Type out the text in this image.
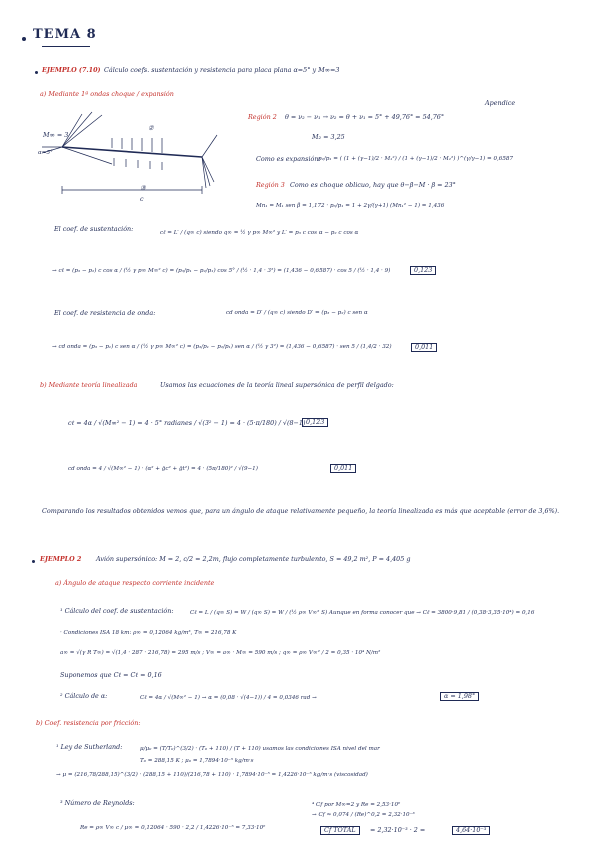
TEMA 8
EJEMPLO (7.10) Cálculo coefs. sustentación y resistencia para placa plana α=5° y M∞=3
a) Mediante 1ª ondas choque / expansión
M∞ = 3
α=5°
②
③
c
Apendice
Región 2 θ = ν₂ − ν₁ → ν₂ = θ + ν₁ = 5° + 49,76° = 54,76°
M₂ = 3,25
Como es expansión:
p₂/p₁ = ( (1 + (γ−1)/2 · M₁²) / (1 + (γ−1)/2 · M₂²) )^(γ/γ−1) = 0,6587
Región 3 Como es choque oblicuo, hay que θ−β−M · β = 23°
Mn₁ = M₁ sen β = 1,172 · p₃/p₁ = 1 + 2γ/(γ+1) (Mn₁² − 1) = 1,436
El coef. de sustentación:	cℓ = L′ / (q∞ c) siendo q∞ = ½ γ p∞ M∞² y L′ = p₃ c cos α − p₂ c cos α
→ cℓ = (p₃ − p₂) c cos α / (½ γ p∞ M∞² c) = (p₃/p₁ − p₂/p₁) cos 5° / (½ · 1,4 · 3²) = (1,436 − 0,6587) · cos 5 / (½ · 1,4 · 9)	0,123
El coef. de resistencia de onda:	cd onda = D′ / (q∞ c) siendo D′ = (p₃ − p₂) c sen α
→ cd onda = (p₃ − p₁) c sen α / (½ γ p∞ M∞² c) = (p₃/p₁ − p₂/p₁) sen α / (½ γ 3²) = (1,436 − 0,6587) · sen 5 / (1,4/2 · 32)	0,011
b) Mediante teoría linealizada	Usamos las ecuaciones de la teoría lineal supersónica de perfil delgado:
cℓ = 4α / √(M∞² − 1) = 4 · 5° radianes / √(3² − 1) = 4 · (5·π/180) / √(8−1) 0,123
cd onda = 4 / √(M∞² − 1) · (α² + ḡc² + ḡt²) = 4 · (5π/180)² / √(9−1)	0,011
Comparando los resultados obtenidos vemos que, para un ángulo de ataque relativamente pequeño, la teoría linealizada es más que aceptable (error de 3,6%).
EJEMPLO 2 Avión supersónico: M = 2, c/2 = 2,2m, flujo completamente turbulento, S = 49,2 m², P = 4,405 g
a) Ángulo de ataque respecto corriente incidente
¹ Cálculo del coef. de sustentación:	Cℓ = L / (q∞ S) = W / (q∞ S) = W / (½ ρ∞ V∞² S) Aunque en forma conocer que → Cℓ = 3800·9,81 / (0,38·3,35·10⁴) = 0,16
· Condiciones ISA 18 km: ρ∞ = 0,12064 kg/m³, T∞ = 216,78 K
a∞ = √(γ R T∞) = √(1,4 · 287 · 216,78) = 295 m/s ; V∞ = a∞ · M∞ = 590 m/s ; q∞ = ρ∞ V∞² / 2 = 0,35 · 10⁴ N/m²
Suponemos que Cℓ = Cℓ = 0,16
² Cálculo de α:	Cℓ = 4α / √(M∞² − 1) → α = (0,08 · √(4−1)) / 4 = 0,0346 rad →	α = 1,98°
b) Coef. resistencia por fricción:
¹ Ley de Sutherland:	μ/μ₀ = (T/T₀)^(3/2) · (T₀ + 110) / (T + 110) usamos las condiciones ISA nivel del mar
T₀ = 288,15 K ; μ₀ = 1,7894·10⁻⁵ kg/m·s
→ μ = (216,78/288,15)^(3/2) · (288,15 + 110)/(216,78 + 110) · 1,7894·10⁻⁵ = 1,4226·10⁻⁵ kg/m·s (viscosidad)
³ Número de Reynolds:
Re = ρ∞ V∞ c / μ∞ = 0,12064 · 590 · 2,2 / 1,4226·10⁻⁵ = 7,33·10⁶
⁴ Cf por M∞=2 y Re = 2,53·10⁶
→ Cf ≈ 0,074 / (Re)^0,2 = 2,32·10⁻³
Cf TOTAL	= 2,32·10⁻³ · 2 =	4,64·10⁻³
